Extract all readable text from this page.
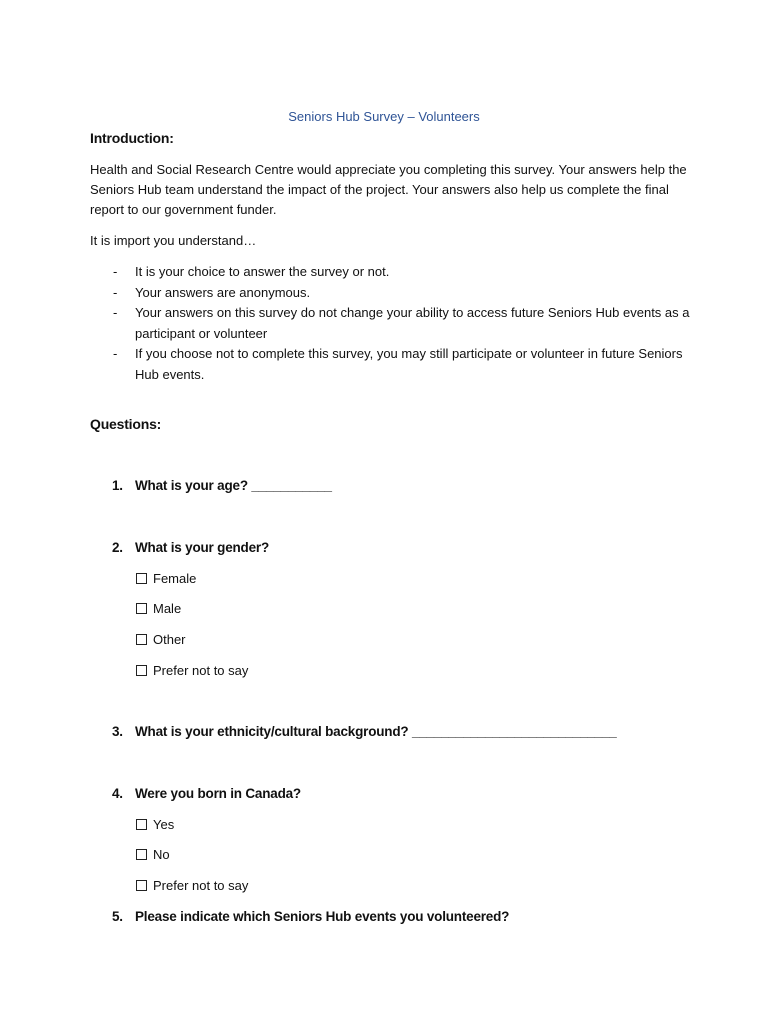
Seniors Hub Survey – Volunteers
Introduction:
Health and Social Research Centre would appreciate you completing this survey. Your answers help the Seniors Hub team understand the impact of the project. Your answers also help us complete the final report to our government funder.
It is import you understand…
- It is your choice to answer the survey or not.
- Your answers are anonymous.
- Your answers on this survey do not change your ability to access future Seniors Hub events as a participant or volunteer
- If you choose not to complete this survey, you may still participate or volunteer in future Seniors Hub events.
Questions:
1. What is your age? ___________
2. What is your gender?
Female
Male
Other
Prefer not to say
3. What is your ethnicity/cultural background? ____________________________
4. Were you born in Canada?
Yes
No
Prefer not to say
5. Please indicate which Seniors Hub events you volunteered?
